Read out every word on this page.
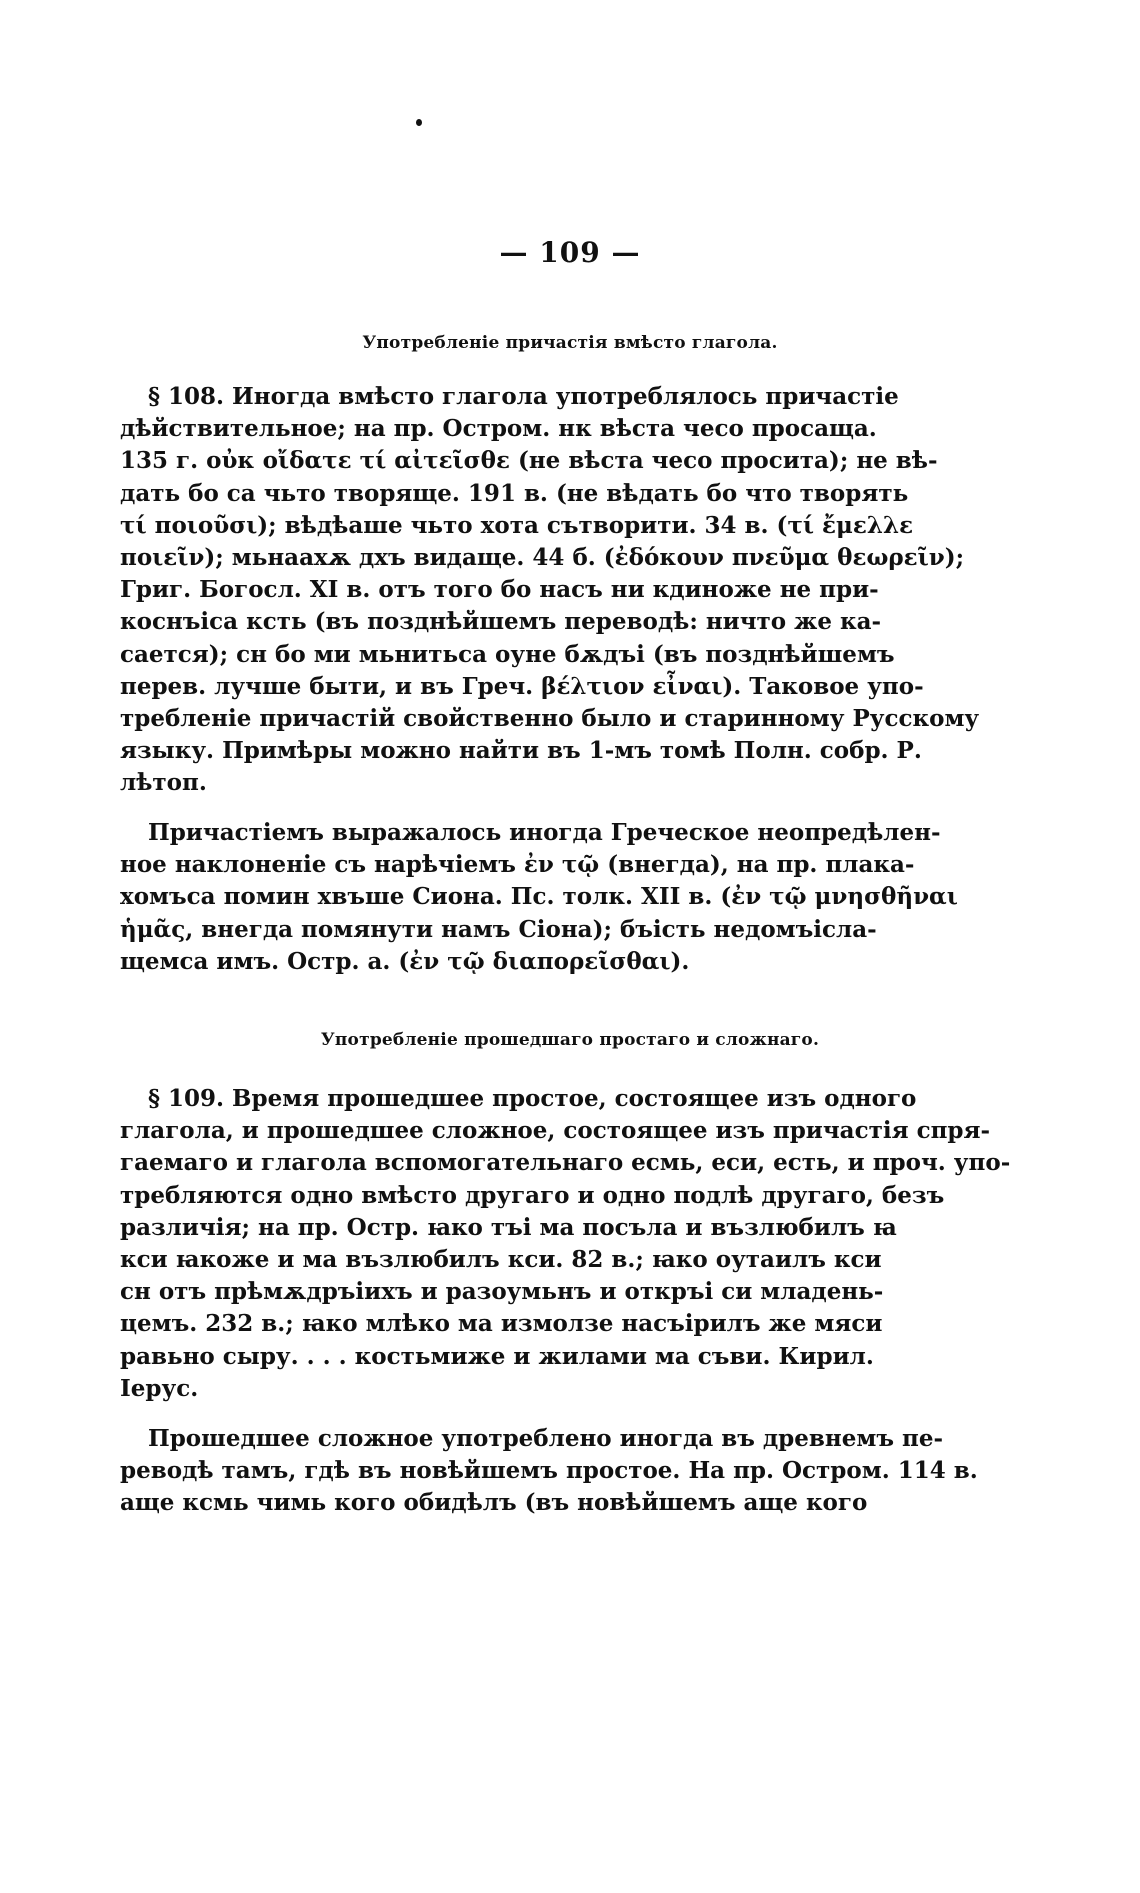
— 109 —
Употребленіе причастія вмѣсто глагола.
§ 108. Иногда вмѣсто глагола употреблялось причастіе
дѣйствительное; на пр. Остром. нк вѣста чесо просаща.
135 г. οὐκ οἴδατε τί αἰτεῖσθε (не вѣста чесо просита); не вѣ-
дать бо са чьто творяще. 191 в. (не вѣдать бо что творять
τί ποιοῦσι); вѣдѣаше чьто хота сътворити. 34 в. (τί ἔμελλε
ποιεῖν); мьнаахѫ дхъ видаще. 44 б. (ἐδόκουν πνεῦμα θεωρεῖν);
Григ. Богосл. XI в. отъ того бо насъ ни кдиноже не при-
коснъіса ксть (въ позднѣйшемъ переводѣ: ничто же ка-
сается); сн бо ми мьнитьса оуне бѫдъі (въ позднѣйшемъ
перев. лучше быти, и въ Греч. βέλτιον εἶναι). Таковое упо-
требленіе причастій свойственно было и старинному Русскому
языку. Примѣры можно найти въ 1-мъ томѣ Полн. собр. Р.
лѣтоп.
Причастіемъ выражалось иногда Греческое неопредѣлен-
ное наклоненіе съ нарѣчіемъ ἐν τῷ (внегда), на пр. плака-
хомъса помин хвъше Сиона. Пс. толк. XII в. (ἐν τῷ μνησθῆναι
ἡμᾶς, внегда помянути намъ Сіона); бъість недомъісла-
щемса имъ. Остр. а. (ἐν τῷ διαπορεῖσθαι).
Употребленіе прошедшаго простаго и сложнаго.
§ 109. Время прошедшее простое, состоящее изъ одного
глагола, и прошедшее сложное, состоящее изъ причастія спря-
гаемаго и глагола вспомогательнаго есмь, еси, есть, и проч. упо-
требляются одно вмѣсто другаго и одно подлѣ другаго, безъ
различія; на пр. Остр. ꙗко тъі ма посъла и възлюбилъ ꙗ
кси ꙗкоже и ма възлюбилъ кси. 82 в.; ꙗко оутаилъ кси
сн отъ прѣмѫдръіихъ и разоумьнъ и откръі си младень-
цемъ. 232 в.; ꙗко млѣко ма измолзе насъірилъ же мяси
равьно сыру. . . . костьмиже и жилами ма съви. Кирил.
Іерус.
Прошедшее сложное употреблено иногда въ древнемъ пе-
реводѣ тамъ, гдѣ въ новѣйшемъ простое. На пр. Остром. 114 в.
аще ксмь чимь кого обидѣлъ (въ новѣйшемъ аще кого
